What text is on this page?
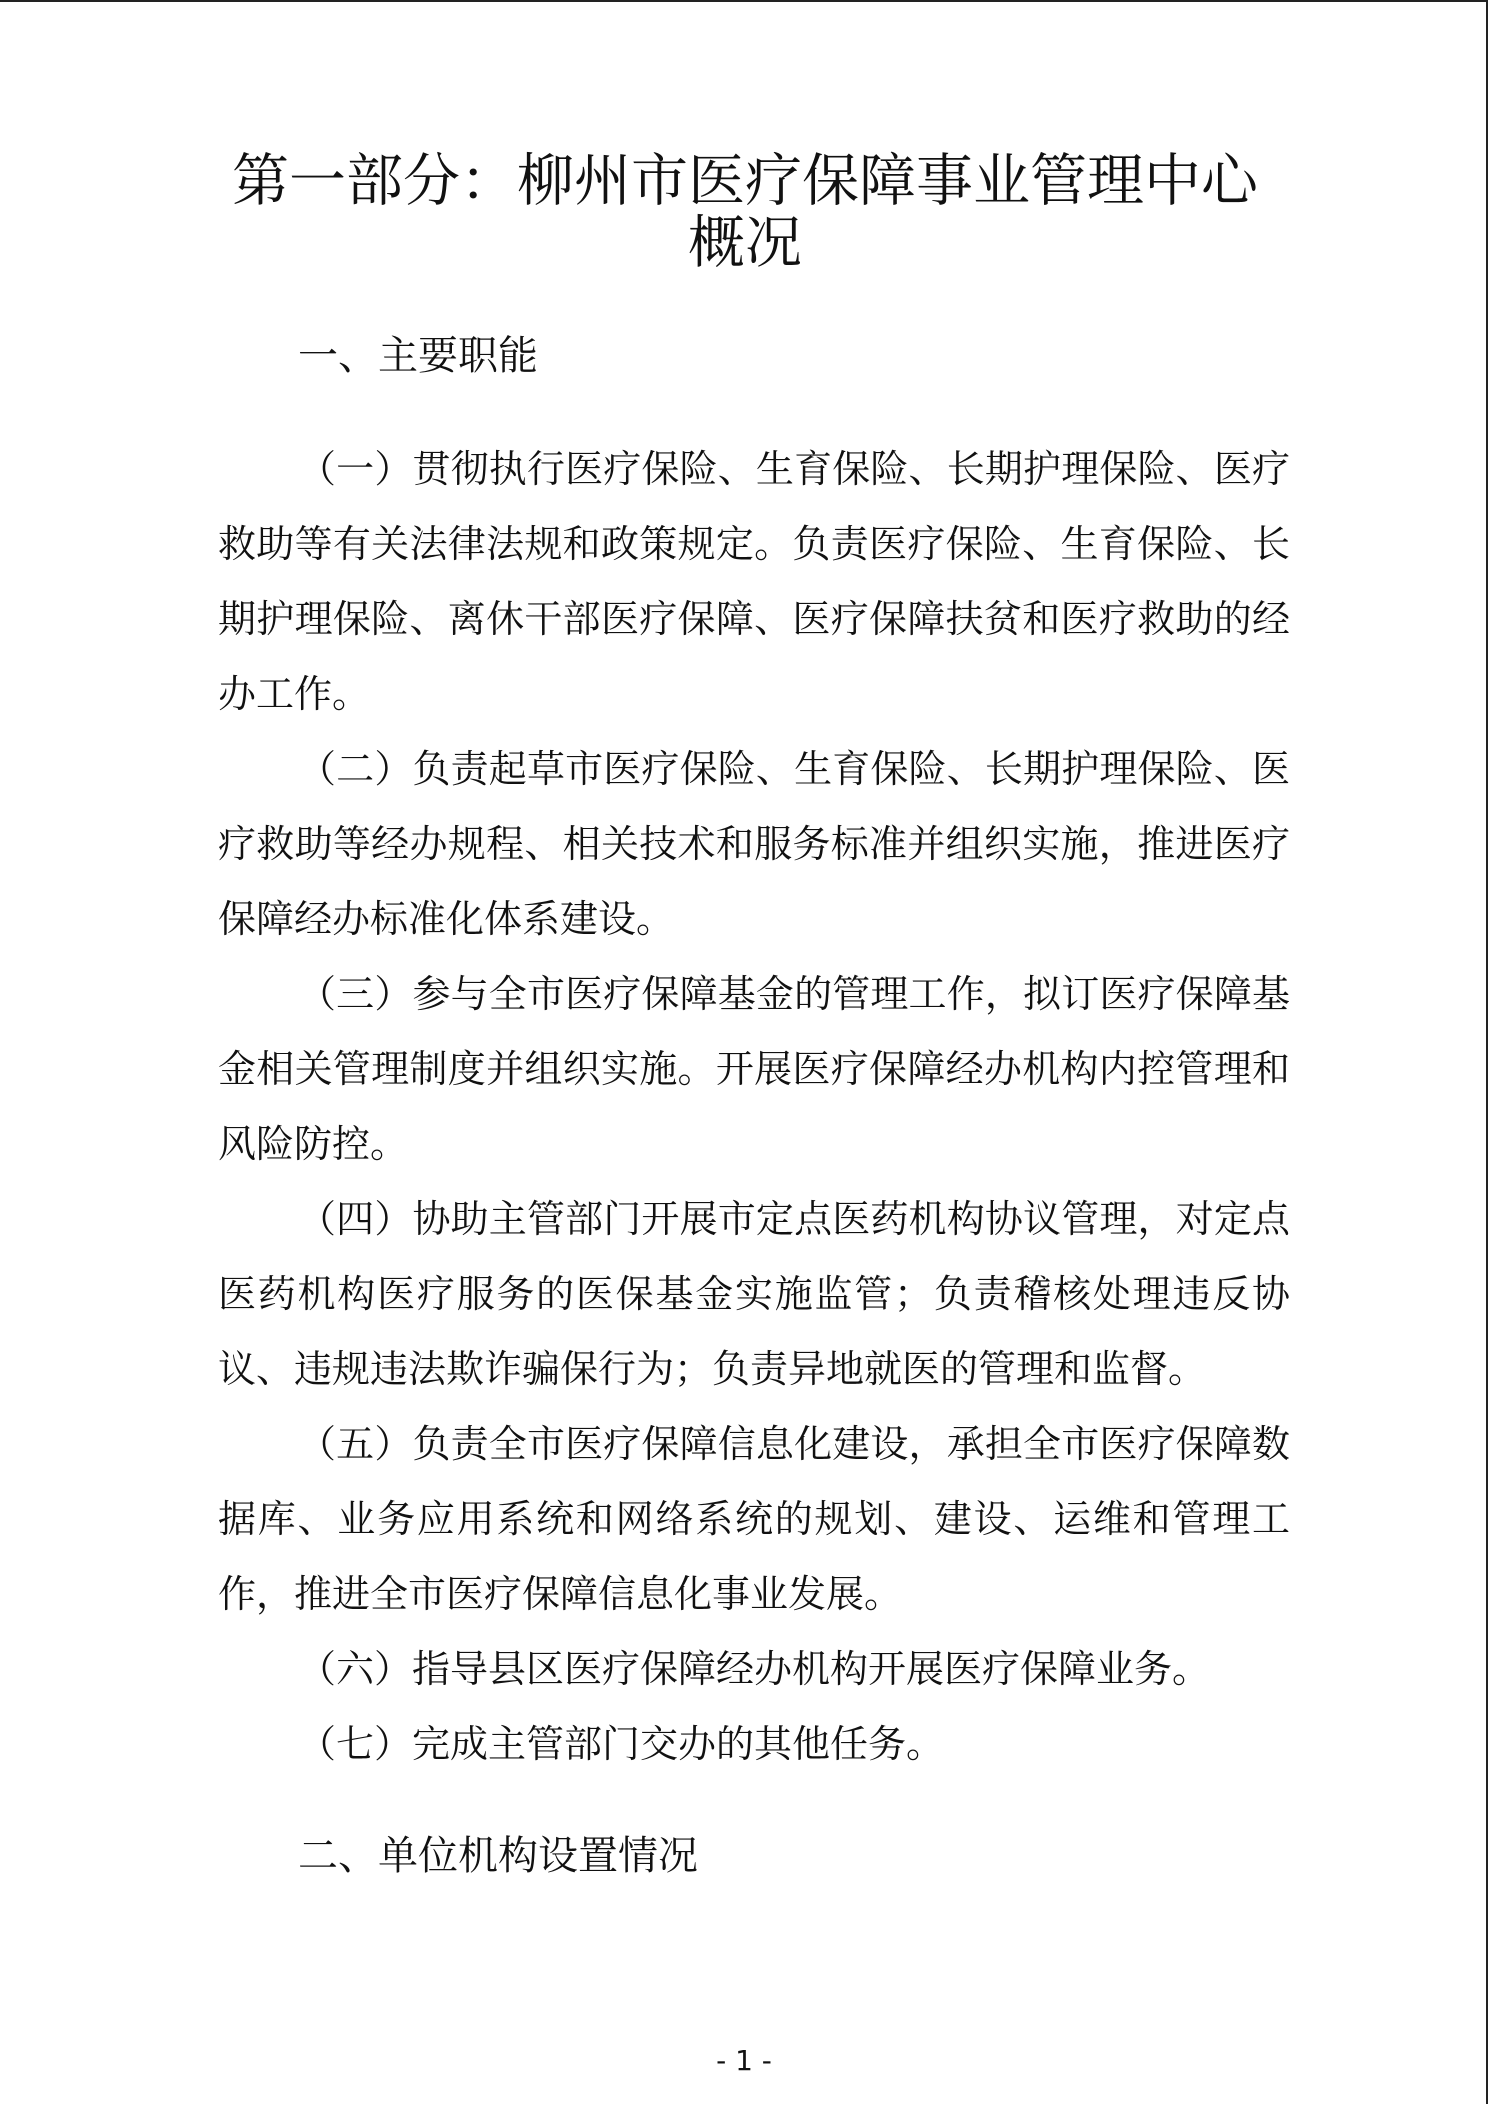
第一部分：柳州市医疗保障事业管理中心概况
一、主要职能

（一）贯彻执行医疗保险、生育保险、长期护理保险、医疗救助等有关法律法规和政策规定。负责医疗保险、生育保险、长期护理保险、离休干部医疗保障、医疗保障扶贫和医疗救助的经办工作。

（二）负责起草市医疗保险、生育保险、长期护理保险、医疗救助等经办规程、相关技术和服务标准并组织实施，推进医疗保障经办标准化体系建设。

（三）参与全市医疗保障基金的管理工作，拟订医疗保障基金相关管理制度并组织实施。开展医疗保障经办机构内控管理和风险防控。

（四）协助主管部门开展市定点医药机构协议管理，对定点医药机构医疗服务的医保基金实施监管；负责稽核处理违反协议、违规违法欺诈骗保行为；负责异地就医的管理和监督。

（五）负责全市医疗保障信息化建设，承担全市医疗保障数据库、业务应用系统和网络系统的规划、建设、运维和管理工作，推进全市医疗保障信息化事业发展。

（六）指导县区医疗保障经办机构开展医疗保障业务。

（七）完成主管部门交办的其他任务。

二、单位机构设置情况
- 1 -
